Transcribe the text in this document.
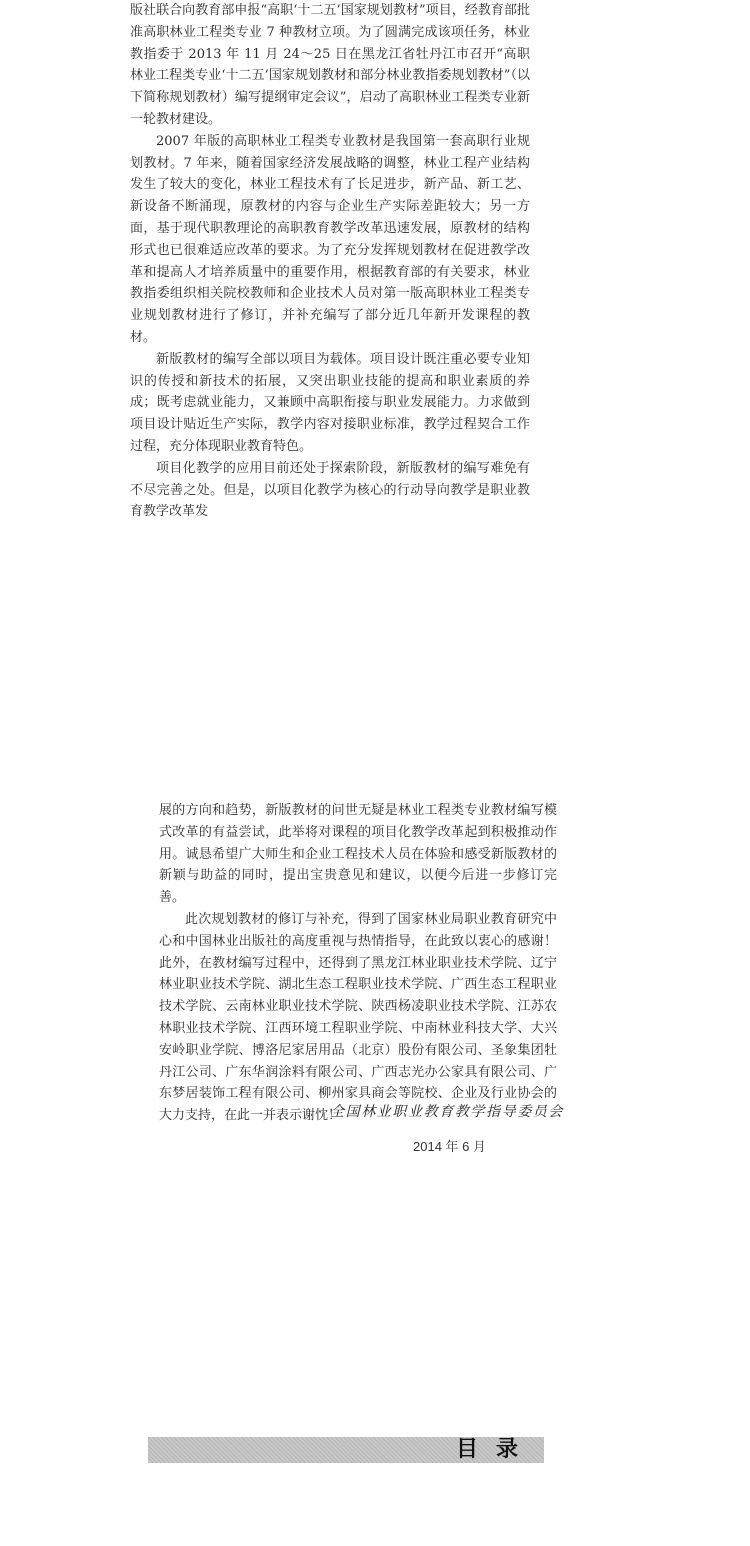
版社联合向教育部申报“高职‘十二五’国家规划教材”项目，经教育部批准高职林业工程类专业 7 种教材立项。为了圆满完成该项任务，林业教指委于 2013 年 11 月 24～25 日在黑龙江省牡丹江市召开“高职林业工程类专业‘十二五’国家规划教材和部分林业教指委规划教材”（以下简称规划教材）编写提纲审定会议”，启动了高职林业工程类专业新一轮教材建设。

2007 年版的高职林业工程类专业教材是我国第一套高职行业规划教材。7 年来，随着国家经济发展战略的调整，林业工程产业结构发生了较大的变化，林业工程技术有了长足进步，新产品、新工艺、新设备不断涌现，原教材的内容与企业生产实际差距较大；另一方面，基于现代职教理论的高职教育教学改革迅速发展，原教材的结构形式也已很难适应改革的要求。为了充分发挥规划教材在促进教学改革和提高人才培养质量中的重要作用，根据教育部的有关要求，林业教指委组织相关院校教师和企业技术人员对第一版高职林业工程类专业规划教材进行了修订，并补充编写了部分近几年新开发课程的教材。

新版教材的编写全部以项目为载体。项目设计既注重必要专业知识的传授和新技术的拓展，又突出职业技能的提高和职业素质的养成；既考虑就业能力，又兼顾中高职衔接与职业发展能力。力求做到项目设计贴近生产实际，教学内容对接职业标准，教学过程契合工作过程，充分体现职业教育特色。

项目化教学的应用目前还处于探索阶段，新版教材的编写难免有不尽完善之处。但是，以项目化教学为核心的行动导向教学是职业教育教学改革发

展的方向和趋势，新版教材的问世无疑是林业工程类专业教材编写模式改革的有益尝试，此举将对课程的项目化教学改革起到积极推动作用。诚恳希望广大师生和企业工程技术人员在体验和感受新版教材的新颖与助益的同时，提出宝贵意见和建议，以便今后进一步修订完善。

此次规划教材的修订与补充，得到了国家林业局职业教育研究中心和中国林业出版社的高度重视与热情指导，在此致以衷心的感谢！此外，在教材编写过程中，还得到了黑龙江林业职业技术学院、辽宁林业职业技术学院、湖北生态工程职业技术学院、广西生态工程职业技术学院、云南林业职业技术学院、陕西杨凌职业技术学院、江苏农林职业技术学院、江西环境工程职业学院、中南林业科技大学、大兴安岭职业学院、博洛尼家居用品（北京）股份有限公司、圣象集团牡丹江公司、广东华润涂料有限公司、广西志光办公家具有限公司、广东梦居装饰工程有限公司、柳州家具商会等院校、企业及行业协会的大力支持，在此一并表示谢忱！

全国林业职业教育教学指导委员会
2014 年 6 月
目录
